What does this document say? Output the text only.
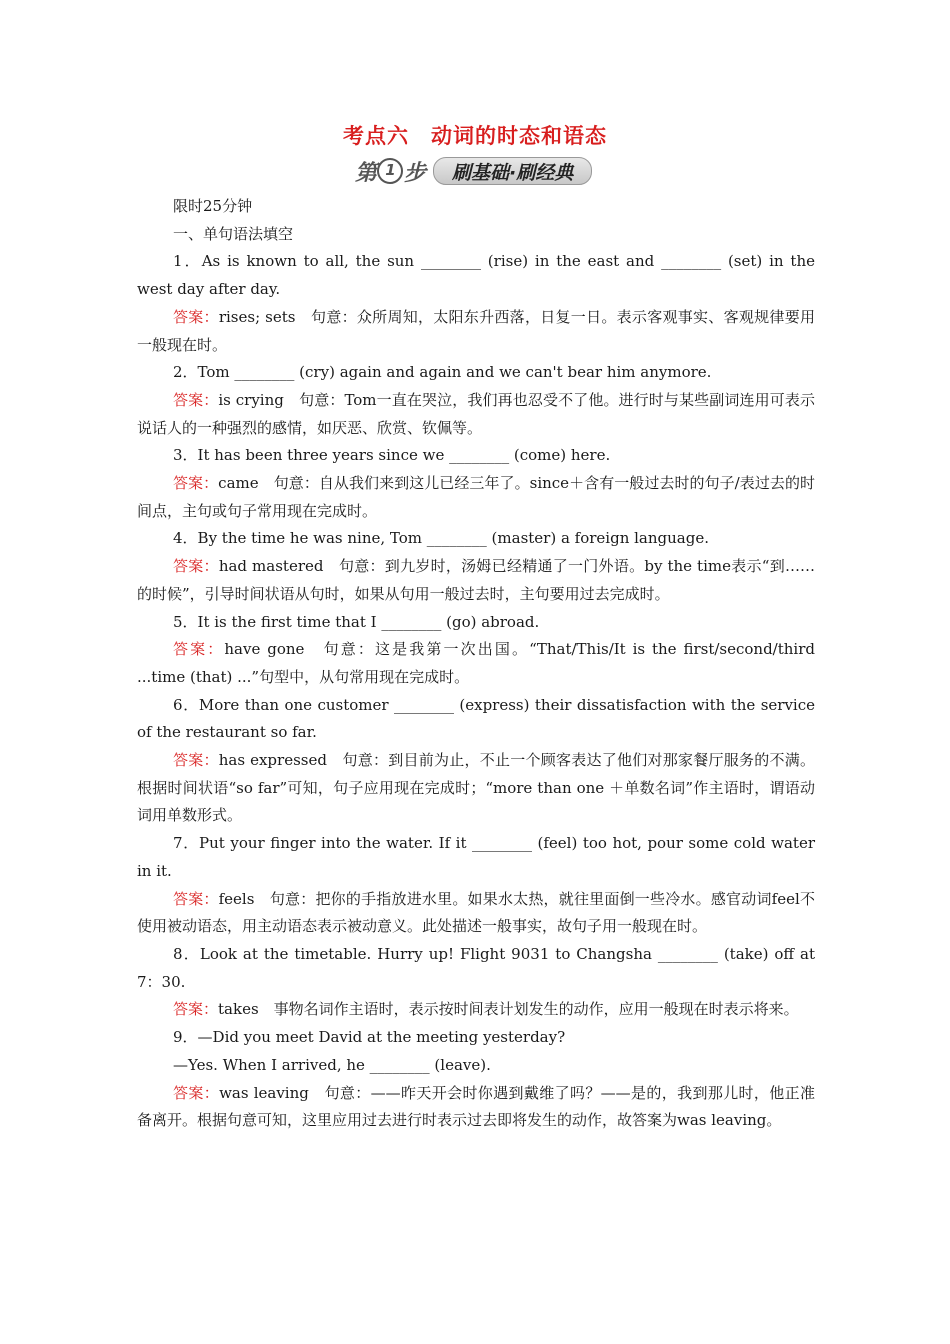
考点六　动词的时态和语态
第 1 步	刷基础·刷经典

限时25分钟

一、单句语法填空

1．As is known to all, the sun ________ (rise) in the east and ________ (set) in the west day after day.

答案：rises; sets　句意：众所周知，太阳东升西落，日复一日。表示客观事实、客观规律要用一般现在时。

2．Tom ________ (cry) again and again and we can't bear him anymore.

答案：is crying　句意：Tom一直在哭泣，我们再也忍受不了他。进行时与某些副词连用可表示说话人的一种强烈的感情，如厌恶、欣赏、钦佩等。

3．It has been three years since we ________ (come) here.

答案：came　句意：自从我们来到这儿已经三年了。since＋含有一般过去时的句子/表过去的时间点，主句或句子常用现在完成时。

4．By the time he was nine, Tom ________ (master) a foreign language.

答案：had mastered　句意：到九岁时，汤姆已经精通了一门外语。by the time表示“到……的时候”，引导时间状语从句时，如果从句用一般过去时，主句要用过去完成时。

5．It is the first time that I ________ (go) abroad.

答案：have gone　句意：这是我第一次出国。“That/This/It is the first/second/third ...time (that) ...”句型中，从句常用现在完成时。

6．More than one customer ________ (express) their dissatisfaction with the service of the restaurant so far.

答案：has expressed　句意：到目前为止，不止一个顾客表达了他们对那家餐厅服务的不满。根据时间状语“so far”可知，句子应用现在完成时；“more than one ＋单数名词”作主语时，谓语动词用单数形式。

7．Put your finger into the water. If it ________ (feel) too hot, pour some cold water in it.

答案：feels　句意：把你的手指放进水里。如果水太热，就往里面倒一些冷水。感官动词feel不使用被动语态，用主动语态表示被动意义。此处描述一般事实，故句子用一般现在时。

8．Look at the timetable. Hurry up! Flight 9031 to Changsha ________ (take) off at 7：30.

答案：takes　事物名词作主语时，表示按时间表计划发生的动作，应用一般现在时表示将来。

9．—Did you meet David at the meeting yesterday?

—Yes. When I arrived, he ________ (leave).

答案：was leaving　句意：——昨天开会时你遇到戴维了吗？——是的，我到那儿时，他正准备离开。根据句意可知，这里应用过去进行时表示过去即将发生的动作，故答案为was leaving。
